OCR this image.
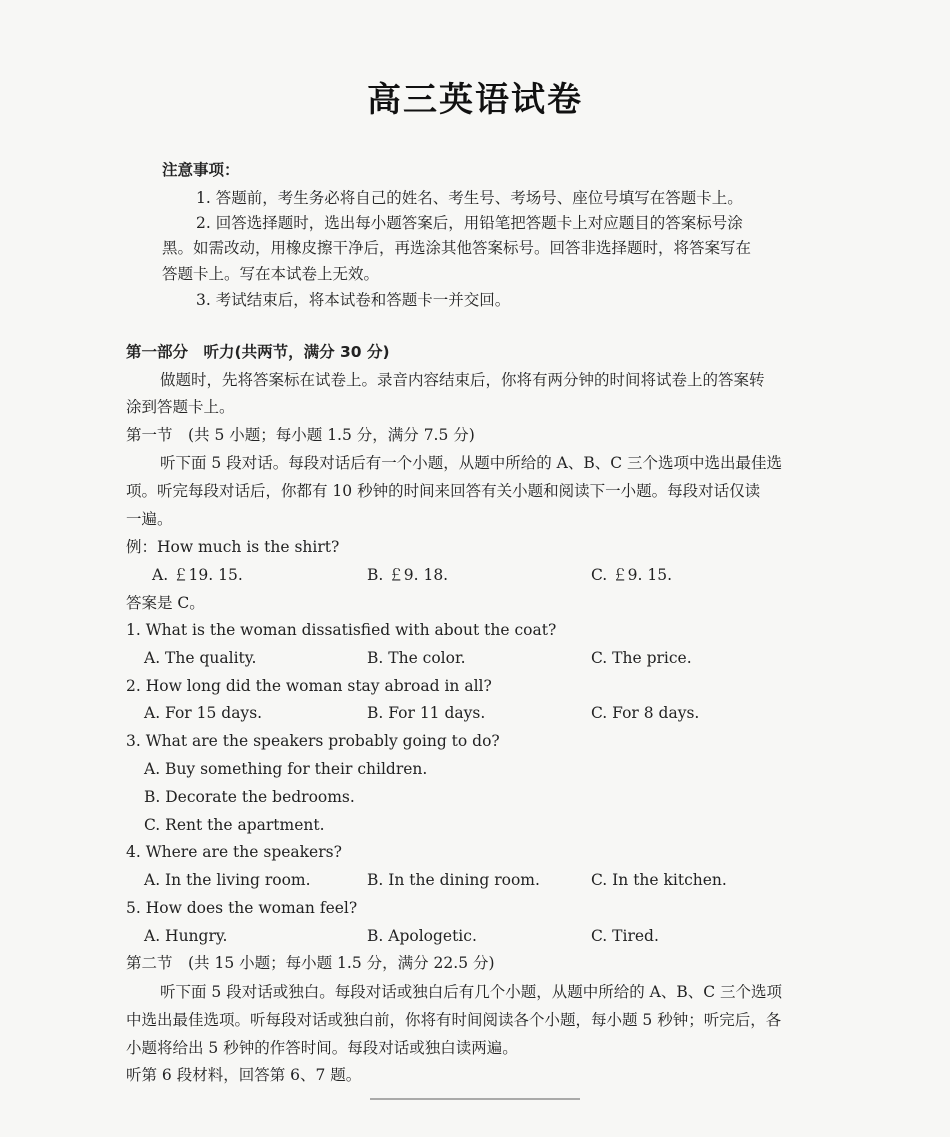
高三英语试卷
注意事项：
1. 答题前，考生务必将自己的姓名、考生号、考场号、座位号填写在答题卡上。
2. 回答选择题时，选出每小题答案后，用铅笔把答题卡上对应题目的答案标号涂
黑。如需改动，用橡皮擦干净后，再选涂其他答案标号。回答非选择题时，将答案写在
答题卡上。写在本试卷上无效。
3. 考试结束后，将本试卷和答题卡一并交回。
第一部分　听力(共两节，满分 30 分)
做题时，先将答案标在试卷上。录音内容结束后，你将有两分钟的时间将试卷上的答案转
涂到答题卡上。
第一节　(共 5 小题；每小题 1.5 分，满分 7.5 分)
听下面 5 段对话。每段对话后有一个小题，从题中所给的 A、B、C 三个选项中选出最佳选
项。听完每段对话后，你都有 10 秒钟的时间来回答有关小题和阅读下一小题。每段对话仅读
一遍。
例：How much is the shirt?
A. ￡19. 15.	B. ￡9. 18.	C. ￡9. 15.
答案是 C。
1. What is the woman dissatisfied with about the coat?
A. The quality.	B. The color.	C. The price.
2. How long did the woman stay abroad in all?
A. For 15 days.	B. For 11 days.	C. For 8 days.
3. What are the speakers probably going to do?
A. Buy something for their children.
B. Decorate the bedrooms.
C. Rent the apartment.
4. Where are the speakers?
A. In the living room.	B. In the dining room.	C. In the kitchen.
5. How does the woman feel?
A. Hungry.	B. Apologetic.	C. Tired.
第二节　(共 15 小题；每小题 1.5 分，满分 22.5 分)
听下面 5 段对话或独白。每段对话或独白后有几个小题，从题中所给的 A、B、C 三个选项
中选出最佳选项。听每段对话或独白前，你将有时间阅读各个小题，每小题 5 秒钟；听完后，各
小题将给出 5 秒钟的作答时间。每段对话或独白读两遍。
听第 6 段材料，回答第 6、7 题。
